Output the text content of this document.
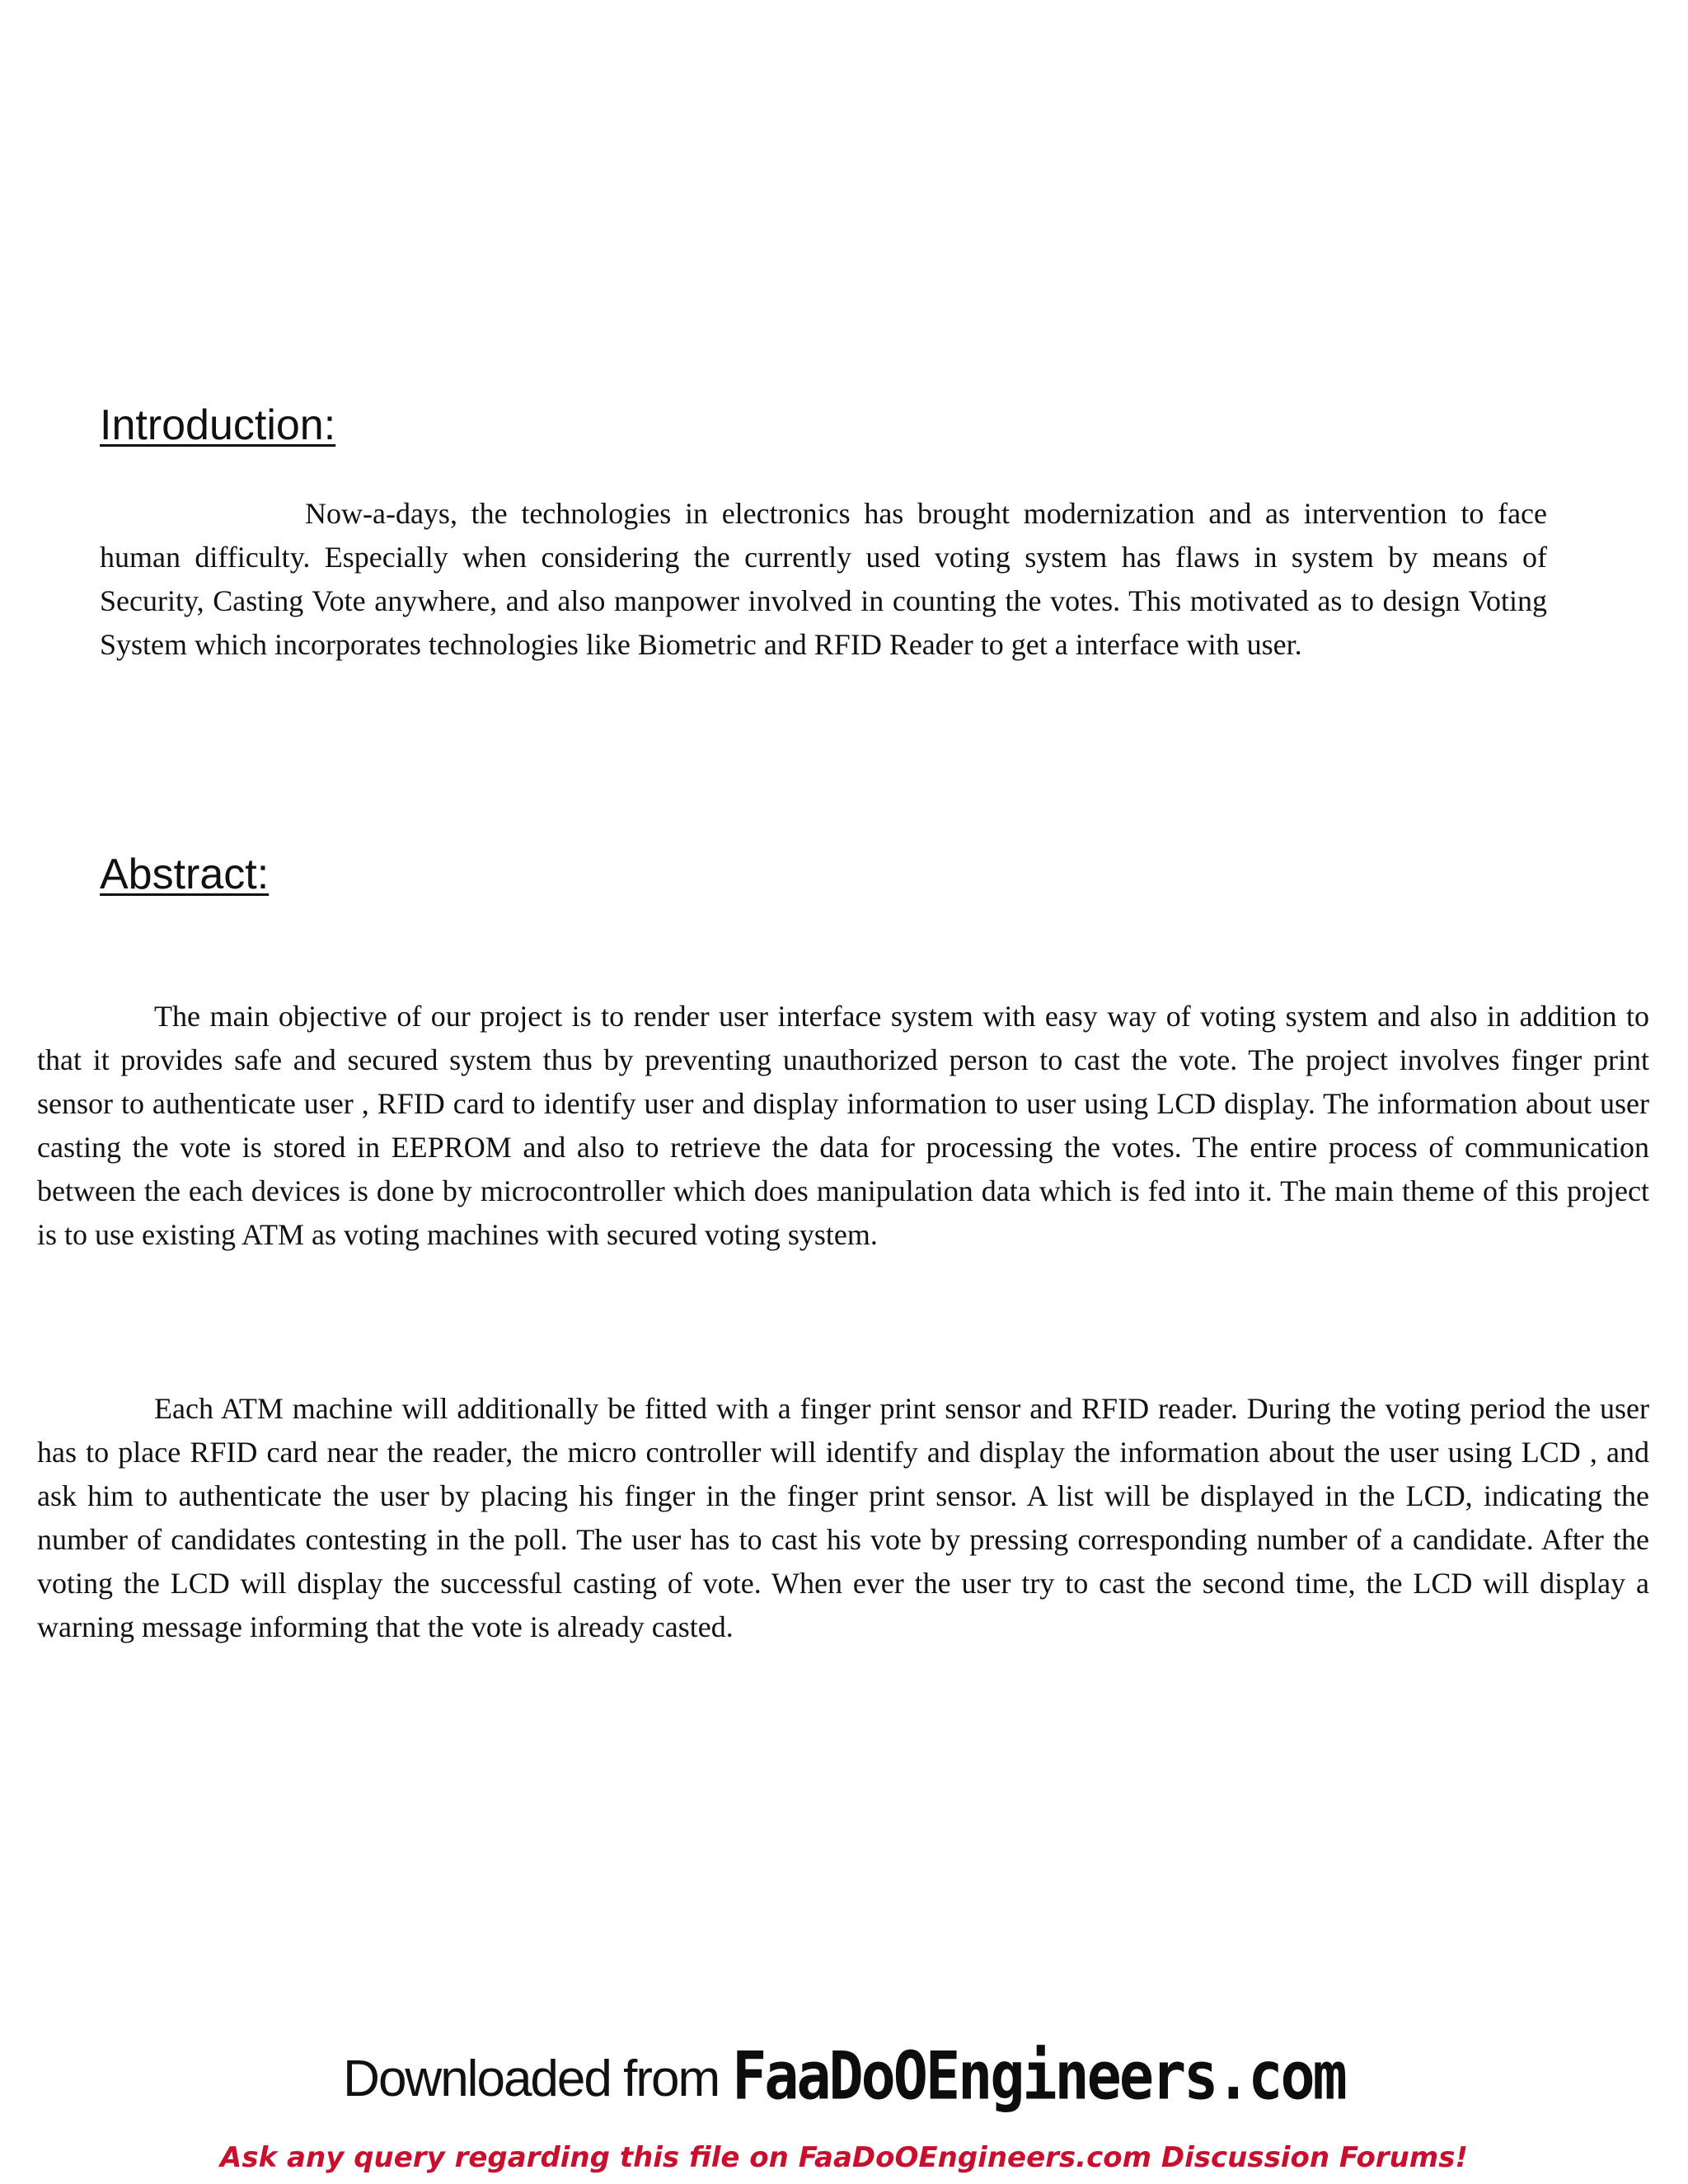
Introduction:

Now-a-days, the technologies in electronics has brought modernization and as intervention to face human difficulty. Especially when considering the currently used voting system has flaws in system by means of Security, Casting Vote anywhere, and also manpower involved in counting the votes. This motivated as to design Voting System which incorporates technologies like Biometric and RFID Reader to get a interface with user.

Abstract:

The main objective of our project is to render user interface system with easy way of voting system and also in addition to that it provides safe and secured system thus by preventing unauthorized person to cast the vote. The project involves finger print sensor to authenticate user , RFID card to identify user and display information to user using LCD display. The information about user casting the vote is stored in EEPROM and also to retrieve the data for processing the votes. The entire process of communication between the each devices is done by microcontroller which does manipulation data which is fed into it. The main theme of this project is to use existing ATM as voting machines with secured voting system.

Each ATM machine will additionally be fitted with a finger print sensor and RFID reader. During the voting period the user has to place RFID card near the reader, the micro controller will identify and display the information about the user using LCD , and ask him to authenticate the user by placing his finger in the finger print sensor. A list will be displayed in the LCD, indicating the number of candidates contesting in the poll. The user has to cast his vote by pressing corresponding number of a candidate. After the voting the LCD will display the successful casting of vote. When ever the user try to cast the second time, the LCD will display a warning message informing that the vote is already casted.

Downloaded from FaaDoOEngineers.com
Ask any query regarding this file on FaaDoOEngineers.com Discussion Forums!
